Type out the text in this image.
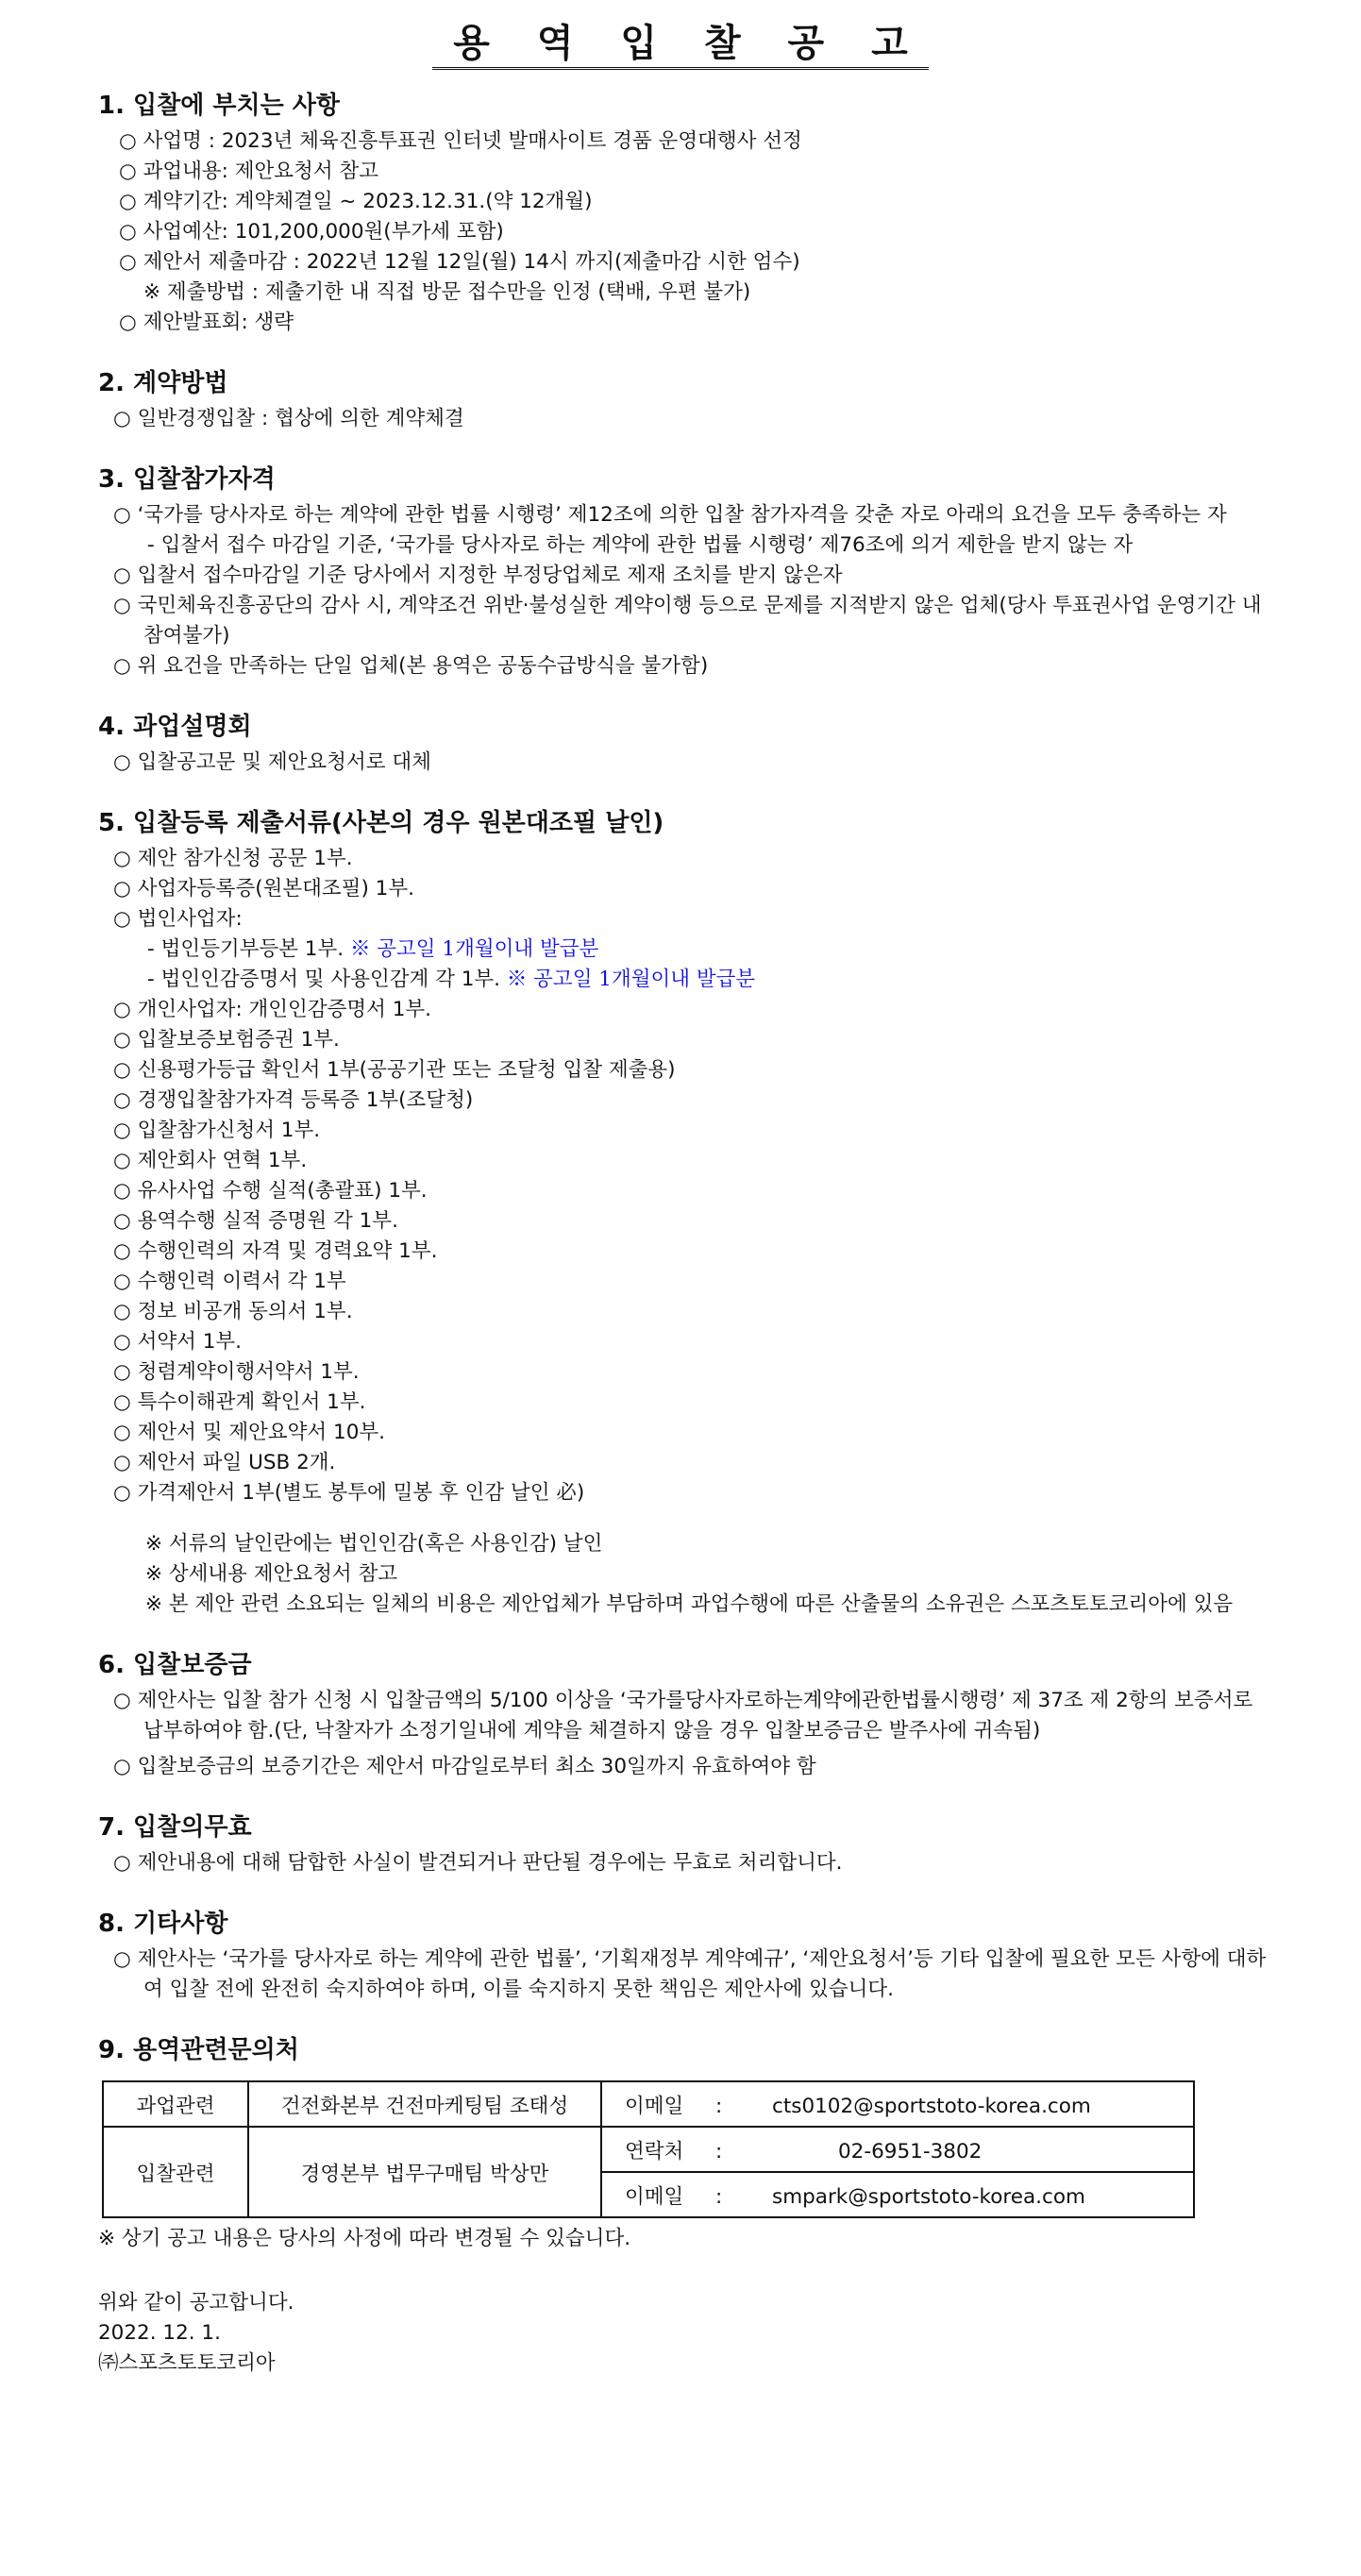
용 역 입 찰 공 고
1. 입찰에 부치는 사항
○ 사업명 : 2023년 체육진흥투표권 인터넷 발매사이트 경품 운영대행사 선정
○ 과업내용: 제안요청서 참고
○ 계약기간: 계약체결일 ~ 2023.12.31.(약 12개월)
○ 사업예산: 101,200,000원(부가세 포함)
○ 제안서 제출마감 : 2022년 12월 12일(월) 14시 까지(제출마감 시한 엄수)
※ 제출방법 : 제출기한 내 직접 방문 접수만을 인정 (택배, 우편 불가)
○ 제안발표회: 생략
2. 계약방법
○ 일반경쟁입찰 : 협상에 의한 계약체결
3. 입찰참가자격
○ ‘국가를 당사자로 하는 계약에 관한 법률 시행령’ 제12조에 의한 입찰 참가자격을 갖춘 자로 아래의 요건을 모두 충족하는 자
- 입찰서 접수 마감일 기준, ‘국가를 당사자로 하는 계약에 관한 법률 시행령’ 제76조에 의거 제한을 받지 않는 자
○ 입찰서 접수마감일 기준 당사에서 지정한 부정당업체로 제재 조치를 받지 않은자
○ 국민체육진흥공단의 감사 시, 계약조건 위반·불성실한 계약이행 등으로 문제를 지적받지 않은 업체(당사 투표권사업 운영기간 내 참여불가)
○ 위 요건을 만족하는 단일 업체(본 용역은 공동수급방식을 불가함)
4. 과업설명회
○ 입찰공고문 및 제안요청서로 대체
5. 입찰등록 제출서류(사본의 경우 원본대조필 날인)
○ 제안 참가신청 공문 1부.
○ 사업자등록증(원본대조필) 1부.
○ 법인사업자:
- 법인등기부등본 1부. ※ 공고일 1개월이내 발급분
- 법인인감증명서 및 사용인감계 각 1부. ※ 공고일 1개월이내 발급분
○ 개인사업자: 개인인감증명서 1부.
○ 입찰보증보험증권 1부.
○ 신용평가등급 확인서 1부(공공기관 또는 조달청 입찰 제출용)
○ 경쟁입찰참가자격 등록증 1부(조달청)
○ 입찰참가신청서 1부.
○ 제안회사 연혁 1부.
○ 유사사업 수행 실적(총괄표) 1부.
○ 용역수행 실적 증명원 각 1부.
○ 수행인력의 자격 및 경력요약 1부.
○ 수행인력 이력서 각 1부
○ 정보 비공개 동의서 1부.
○ 서약서 1부.
○ 청렴계약이행서약서 1부.
○ 특수이해관계 확인서 1부.
○ 제안서 및 제안요약서 10부.
○ 제안서 파일 USB 2개.
○ 가격제안서 1부(별도 봉투에 밀봉 후 인감 날인 必)
※ 서류의 날인란에는 법인인감(혹은 사용인감) 날인
※ 상세내용 제안요청서 참고
※ 본 제안 관련 소요되는 일체의 비용은 제안업체가 부담하며 과업수행에 따른 산출물의 소유권은 스포츠토토코리아에 있음
6. 입찰보증금
○ 제안사는 입찰 참가 신청 시 입찰금액의 5/100 이상을 ‘국가를당사자로하는계약에관한법률시행령’ 제 37조 제 2항의 보증서로 납부하여야 함.(단, 낙찰자가 소정기일내에 계약을 체결하지 않을 경우 입찰보증금은 발주사에 귀속됨)
○ 입찰보증금의 보증기간은 제안서 마감일로부터 최소 30일까지 유효하여야 함
7. 입찰의무효
○ 제안내용에 대해 담합한 사실이 발견되거나 판단될 경우에는 무효로 처리합니다.
8. 기타사항
○ 제안사는 ‘국가를 당사자로 하는 계약에 관한 법률’, ‘기획재정부 계약예규’, ‘제안요청서’등 기타 입찰에 필요한 모든 사항에 대하여 입찰 전에 완전히 숙지하여야 하며, 이를 숙지하지 못한 책임은 제안사에 있습니다.
9. 용역관련문의처
과업관련	건전화본부 건전마케팅팀 조태성	이메일 : cts0102@sportstoto-korea.com
입찰관련	경영본부 법무구매팀 박상만	연락처 : 02-6951-3802
		이메일 : smpark@sportstoto-korea.com
※ 상기 공고 내용은 당사의 사정에 따라 변경될 수 있습니다.
위와 같이 공고합니다.
2022. 12. 1.
㈜스포츠토토코리아
